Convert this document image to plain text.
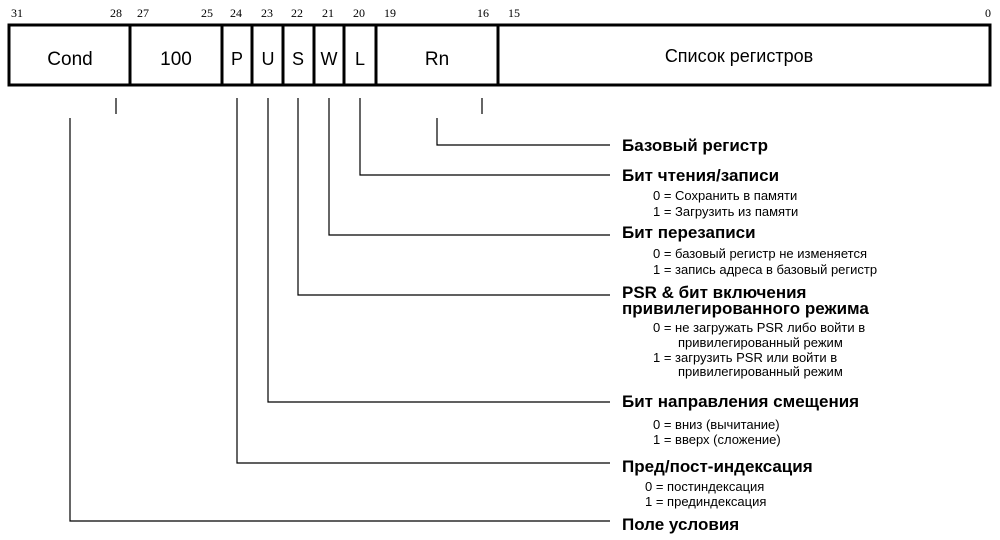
31	28 27	25 24 23 22 21 20 19	16 15	0
Cond	100 P U S W L	Rn	Список регистров
Базовый регистр
Бит чтения/записи
0 = Сохранить в памяти
1 = Загрузить из памяти
Бит перезаписи
0 = базовый регистр не изменяется
1 = запись адреса в базовый регистр
PSR & бит включения
привилегированного режима
0 = не загружать PSR либо войти в
привилегированный режим
1 = загрузить PSR или войти в
привилегированный режим
Бит направления смещения
0 = вниз (вычитание)
1 = вверх (сложение)
Пред/пост-индексация
0 = постиндексация
1 = прединдексация
Поле условия
